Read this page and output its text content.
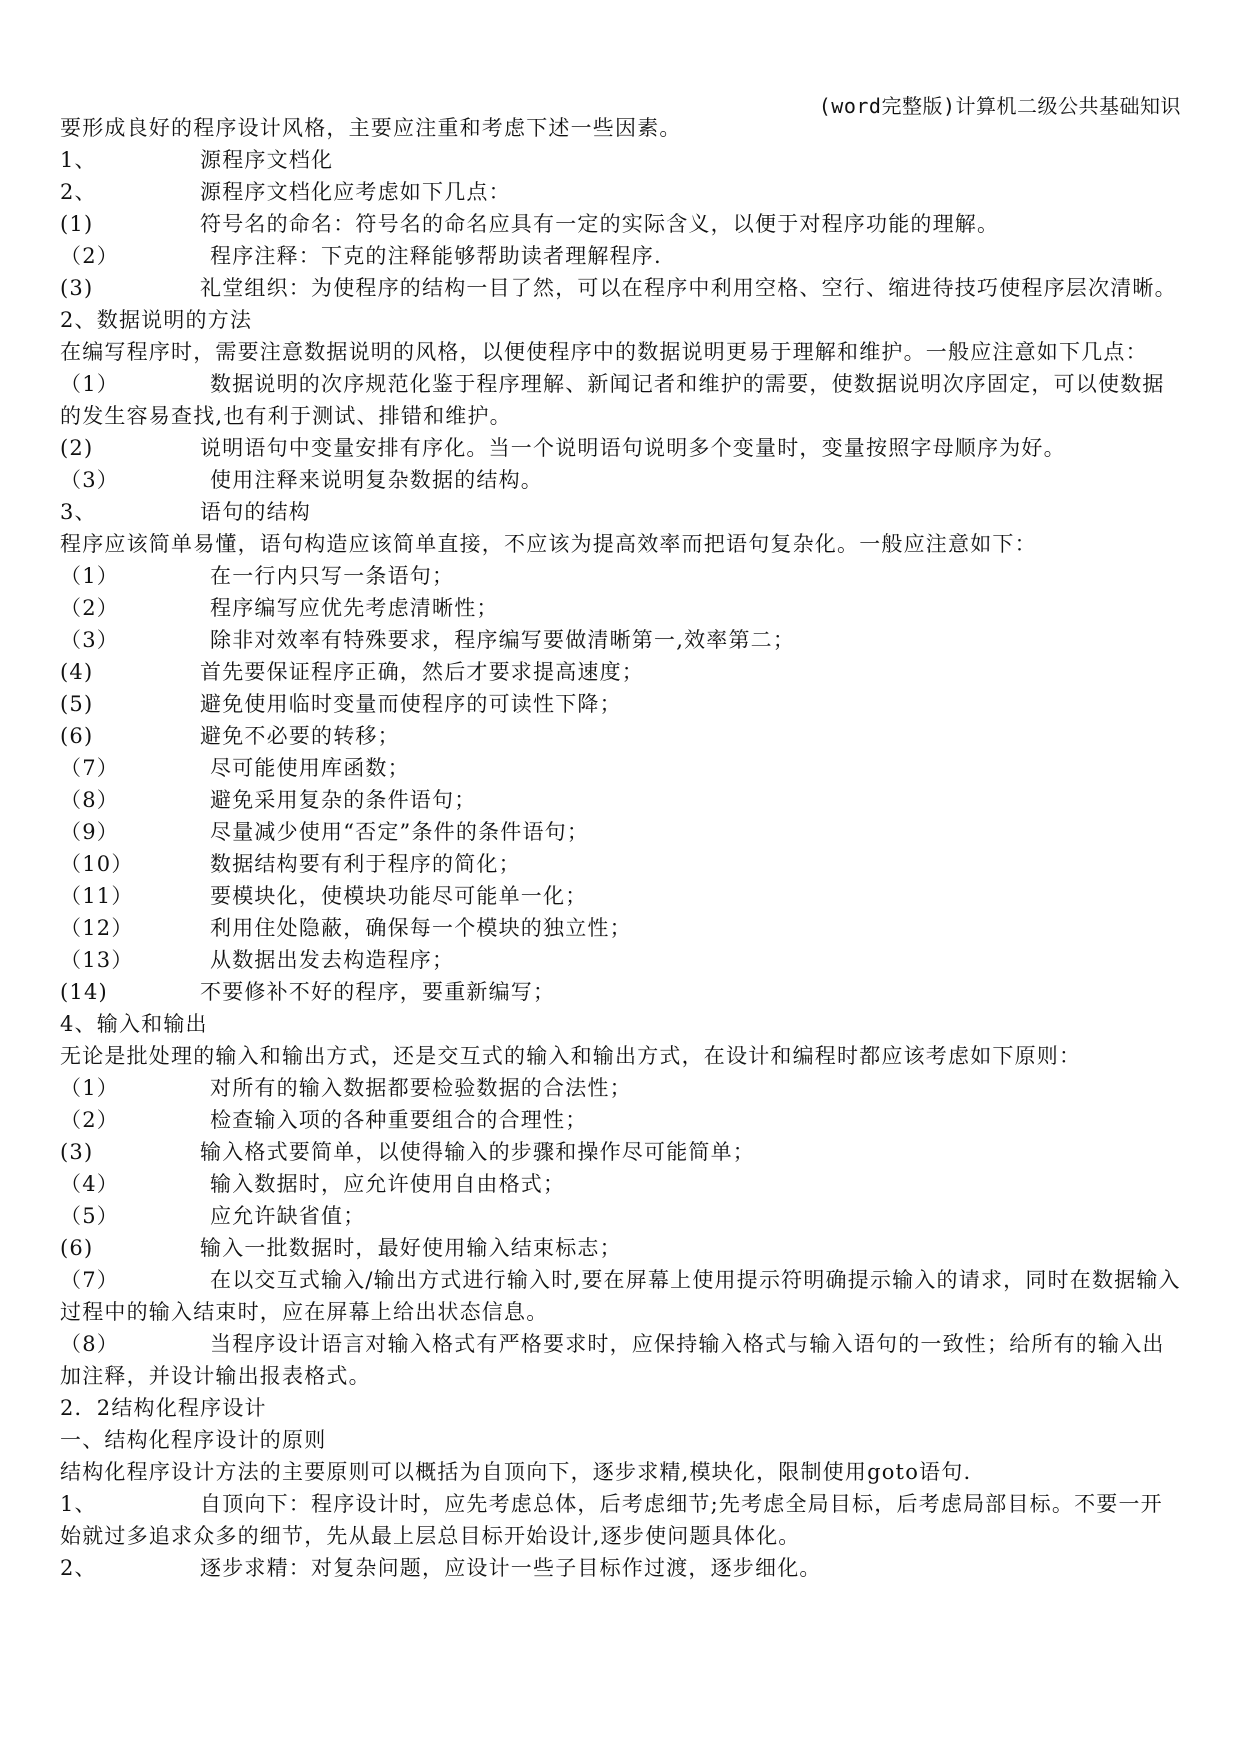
(word完整版)计算机二级公共基础知识
要形成良好的程序设计风格，主要应注重和考虑下述一些因素。
1、	源程序文档化
2、	源程序文档化应考虑如下几点：
(1)	符号名的命名：符号名的命名应具有一定的实际含义，以便于对程序功能的理解。
（2）	程序注释：下克的注释能够帮助读者理解程序.
(3)	礼堂组织：为使程序的结构一目了然，可以在程序中利用空格、空行、缩进待技巧使程序层次清晰。
2、数据说明的方法
在编写程序时，需要注意数据说明的风格，以便使程序中的数据说明更易于理解和维护。一般应注意如下几点：
（1）	数据说明的次序规范化鉴于程序理解、新闻记者和维护的需要，使数据说明次序固定，可以使数据的发生容易查找,也有利于测试、排错和维护。
(2)	说明语句中变量安排有序化。当一个说明语句说明多个变量时，变量按照字母顺序为好。
（3）	使用注释来说明复杂数据的结构。
3、	语句的结构
程序应该简单易懂，语句构造应该简单直接，不应该为提高效率而把语句复杂化。一般应注意如下：
（1）	在一行内只写一条语句；
（2）	程序编写应优先考虑清晰性；
（3）	除非对效率有特殊要求，程序编写要做清晰第一,效率第二；
(4)	首先要保证程序正确，然后才要求提高速度；
(5)	避免使用临时变量而使程序的可读性下降；
(6)	避免不必要的转移；
（7）	尽可能使用库函数；
（8）	避免采用复杂的条件语句；
（9）	尽量减少使用“否定”条件的条件语句；
（10）	数据结构要有利于程序的简化；
（11）	要模块化，使模块功能尽可能单一化；
（12）	利用住处隐蔽，确保每一个模块的独立性；
（13）	从数据出发去构造程序；
(14)	不要修补不好的程序，要重新编写；
4、输入和输出
无论是批处理的输入和输出方式，还是交互式的输入和输出方式，在设计和编程时都应该考虑如下原则：
（1）	对所有的输入数据都要检验数据的合法性；
（2）	检查输入项的各种重要组合的合理性；
(3)	输入格式要简单，以使得输入的步骤和操作尽可能简单；
（4）	输入数据时，应允许使用自由格式；
（5）	应允许缺省值；
(6)	输入一批数据时，最好使用输入结束标志；
（7）	在以交互式输入/输出方式进行输入时,要在屏幕上使用提示符明确提示输入的请求，同时在数据输入过程中的输入结束时，应在屏幕上给出状态信息。
（8）	当程序设计语言对输入格式有严格要求时，应保持输入格式与输入语句的一致性；给所有的输入出加注释，并设计输出报表格式。
2．2结构化程序设计
一、结构化程序设计的原则
结构化程序设计方法的主要原则可以概括为自顶向下，逐步求精,模块化，限制使用goto语句.
1、	自顶向下：程序设计时，应先考虑总体，后考虑细节;先考虑全局目标，后考虑局部目标。不要一开始就过多追求众多的细节，先从最上层总目标开始设计,逐步使问题具体化。
2、	逐步求精：对复杂问题，应设计一些子目标作过渡，逐步细化。
